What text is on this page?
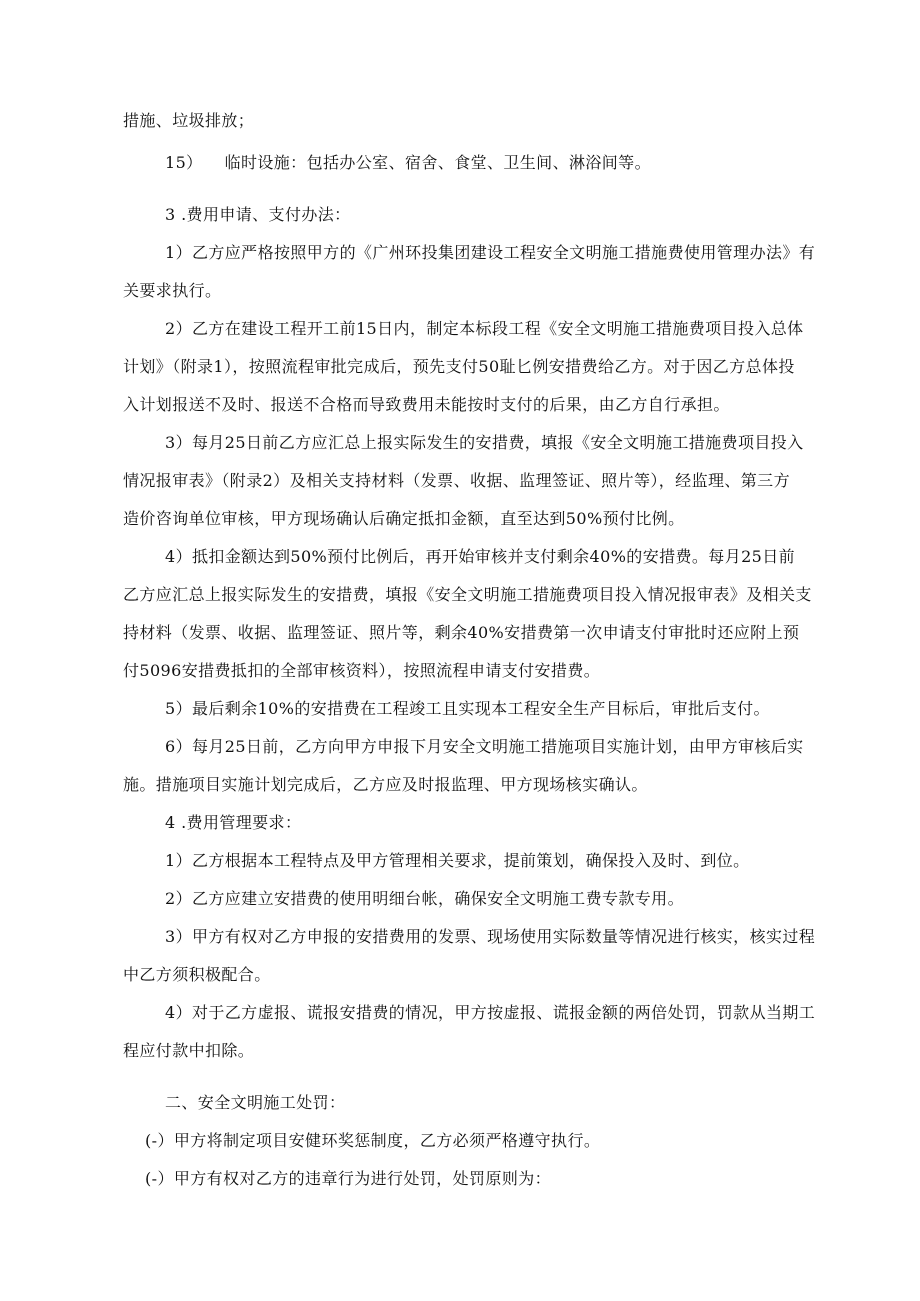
措施、垃圾排放；
15） 临时设施：包括办公室、宿舍、食堂、卫生间、淋浴间等。
3 .费用申请、支付办法：
1）乙方应严格按照甲方的《广州环投集团建设工程安全文明施工措施费使用管理办法》有
关要求执行。
2）乙方在建设工程开工前15日内，制定本标段工程《安全文明施工措施费项目投入总体
计划》（附录1），按照流程审批完成后，预先支付50耻匕例安措费给乙方。对于因乙方总体投
入计划报送不及时、报送不合格而导致费用未能按时支付的后果，由乙方自行承担。
3）每月25日前乙方应汇总上报实际发生的安措费，填报《安全文明施工措施费项目投入
情况报审表》（附录2）及相关支持材料（发票、收据、监理签证、照片等），经监理、第三方
造价咨询单位审核，甲方现场确认后确定抵扣金额，直至达到50%预付比例。
4）抵扣金额达到50%预付比例后，再开始审核并支付剩余40%的安措费。每月25日前
乙方应汇总上报实际发生的安措费，填报《安全文明施工措施费项目投入情况报审表》及相关支
持材料（发票、收据、监理签证、照片等，剩余40%安措费第一次申请支付审批时还应附上预
付5096安措费抵扣的全部审核资料），按照流程申请支付安措费。
5）最后剩余10%的安措费在工程竣工且实现本工程安全生产目标后，审批后支付。
6）每月25日前，乙方向甲方申报下月安全文明施工措施项目实施计划，由甲方审核后实
施。措施项目实施计划完成后，乙方应及时报监理、甲方现场核实确认。
4 .费用管理要求：
1）乙方根据本工程特点及甲方管理相关要求，提前策划，确保投入及时、到位。
2）乙方应建立安措费的使用明细台帐，确保安全文明施工费专款专用。
3）甲方有权对乙方申报的安措费用的发票、现场使用实际数量等情况进行核实，核实过程
中乙方须积极配合。
4）对于乙方虚报、谎报安措费的情况，甲方按虚报、谎报金额的两倍处罚，罚款从当期工
程应付款中扣除。
二、安全文明施工处罚：
(-）甲方将制定项目安健环奖惩制度，乙方必须严格遵守执行。
(-）甲方有权对乙方的违章行为进行处罚，处罚原则为：
